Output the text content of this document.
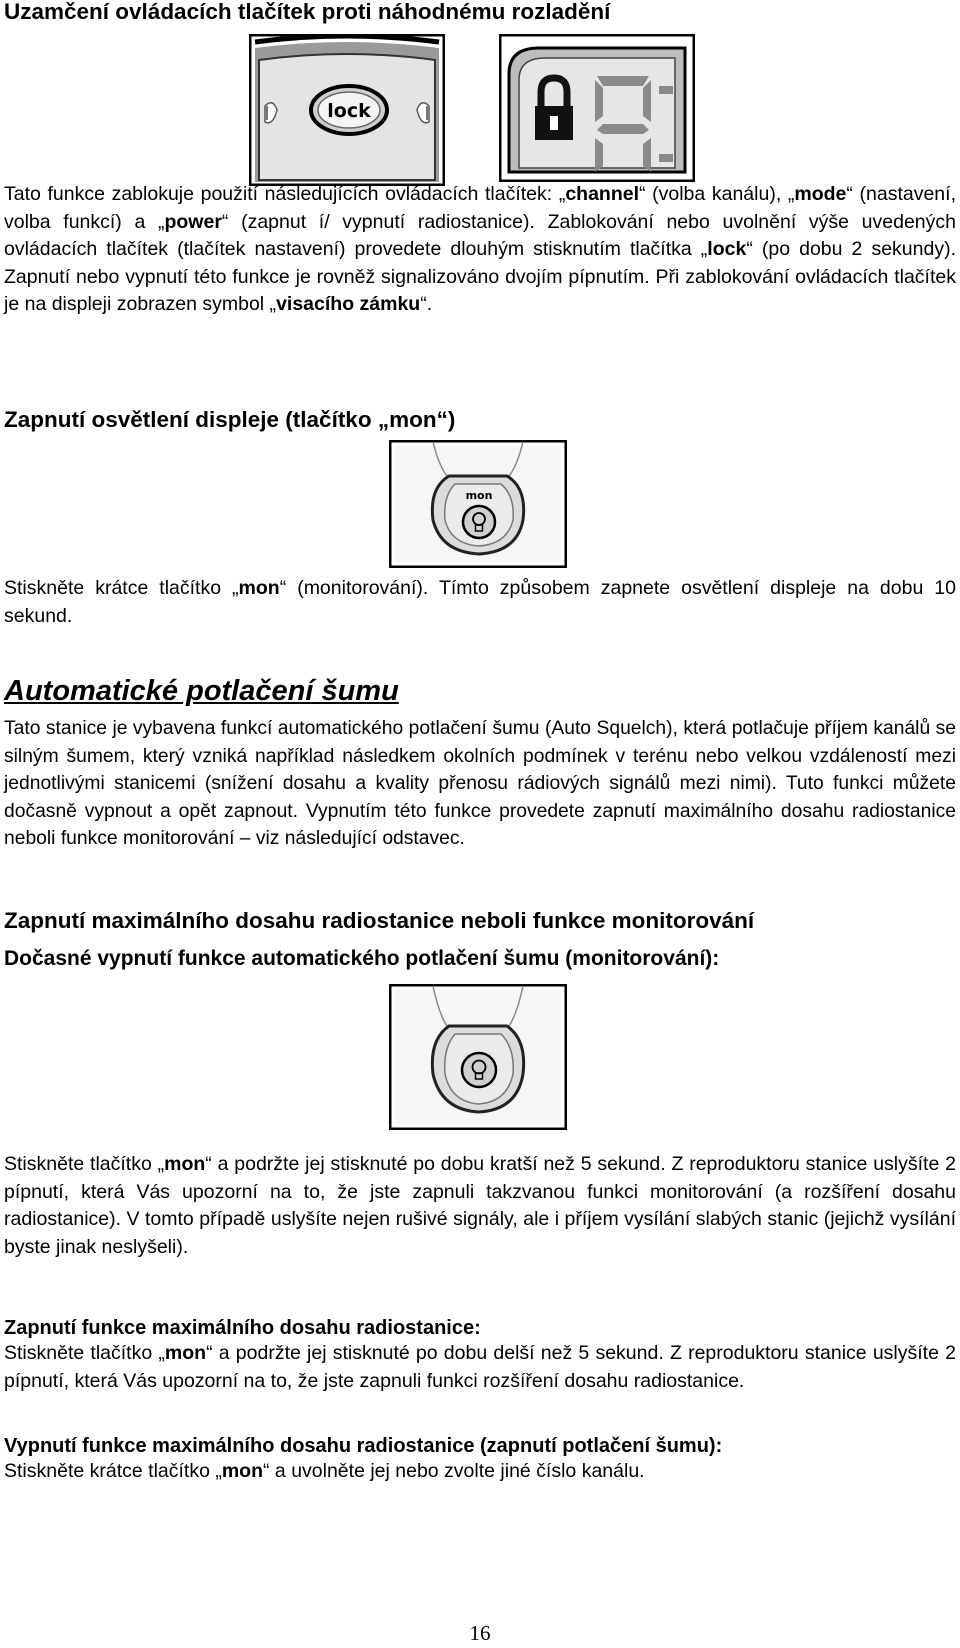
Uzamčení ovládacích tlačítek proti náhodnému rozladění
lock

Tato funkce zablokuje použití následujících ovládacích tlačítek: „channel“ (volba kanálu), „mode“ (nastavení, volba funkcí) a „power“ (zapnut í/ vypnutí radiostanice). Zablokování nebo uvolnění výše uvedených ovládacích tlačítek (tlačítek nastavení) provedete dlouhým stisknutím tlačítka „lock“ (po dobu 2 sekundy). Zapnutí nebo vypnutí této funkce je rovněž signalizováno dvojím pípnutím. Při zablokování ovládacích tlačítek je na displeji zobrazen symbol „visacího zámku“.

Zapnutí osvětlení displeje (tlačítko „mon“)
mon

Stiskněte krátce tlačítko „mon“ (monitorování). Tímto způsobem zapnete osvětlení displeje na dobu 10 sekund.

Automatické potlačení šumu

Tato stanice je vybavena funkcí automatického potlačení šumu (Auto Squelch), která potlačuje příjem kanálů se silným šumem, který vzniká například následkem okolních podmínek v terénu nebo velkou vzdáleností mezi jednotlivými stanicemi (snížení dosahu a kvality přenosu rádiových signálů mezi nimi). Tuto funkci můžete dočasně vypnout a opět zapnout. Vypnutím této funkce provedete zapnutí maximálního dosahu radiostanice neboli funkce monitorování – viz následující odstavec.

Zapnutí maximálního dosahu radiostanice neboli funkce monitorování
Dočasné vypnutí funkce automatického potlačení šumu (monitorování):

Stiskněte tlačítko „mon“ a podržte jej stisknuté po dobu kratší než 5 sekund. Z reproduktoru stanice uslyšíte 2 pípnutí, která Vás upozorní na to, že jste zapnuli takzvanou funkci monitorování (a rozšíření dosahu radiostanice). V tomto případě uslyšíte nejen rušivé signály, ale i příjem vysílání slabých stanic (jejichž vysílání byste jinak neslyšeli).

Zapnutí funkce maximálního dosahu radiostanice:

Stiskněte tlačítko „mon“ a podržte jej stisknuté po dobu delší než 5 sekund. Z reproduktoru stanice uslyšíte 2 pípnutí, která Vás upozorní na to, že jste zapnuli funkci rozšíření dosahu radiostanice.

Vypnutí funkce maximálního dosahu radiostanice (zapnutí potlačení šumu):

Stiskněte krátce tlačítko „mon“ a uvolněte jej nebo zvolte jiné číslo kanálu.

16
